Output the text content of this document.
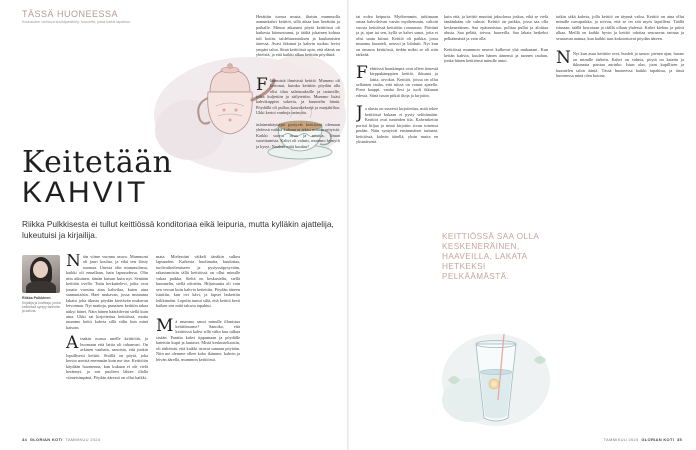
TÄSSÄ HUONEESSA
Kuukauden vaihtuva kuvitajaesittely: huonetta, jossa kaikki tapahtuu.
Keitetään
KAHVIT
Riikka Pulkkisesta ei tullut keittiössä konditoriaa eikä leipuria, mutta kylläkin ajattelija, lukeutuisi ja kirjailija.
Riikka Pulkkinen
Kirjailija ja kuvittaja, jonka keittiössä syntyy tarinoita ja kahvia.
Näin viime vuonna asuva. Mummoni oli jauri koulua, ja eikä sen löisty suomaa. Unessa olin mummolassa, kaikki oli ennallaan, hain lapsuudessa. Olin niin aikuinen, tämän kutsun kuin nyt. Sentään keittiön ovella. Tuttu herkuttelevi, jotka ovat jonain vuosina aina kahvilaa, kuten aina sunnuntaisin. Haet mukavan, jossa muutama lakaisi joka tikusta pöydän kiertävän mukavan leivonnan. Nyt mattoja, punaisen keittiön takaa näkyi hänet. Näin hänen hääräilevän siellä kuin aina. Ukki sai kirjoitettua keittiössä, mutta mummo keitti kahvia sillä välin kun minä katsoin.
A inakin osassa unelle keittiöitä, ja huomaan että lattia oli rahanvart. On arkinen vanhain, sanoisin, että jonkin lopullisesti keittiö. Sisällä on pöytä, joka kertoo meistä enemmän kuin me itse. Keittiöön käydään huomenna, kun kukaan ei ole vielä herännyt, ja sen puoleen lähtee illalla viimeisimpänä. Pöydän ääressä on ollut kaikki.
mata. Mielessäni väikeli tänäkin sulkea lapsuuden. Kaikesta huolimatta, kuuluttaa, tuolivaiheilemiseen ja pystyssäpysyvään, rakastamisiin tällä keittiössä on ollut minulle vakaa paikka. Sieltä on keskusteltu, siellä kuunneltu, siellä odotettu. Hiljaisuutta oli vain sen verran kuin kahvia keitettiin. Pöydän ääreen istuttiin, kun ovi kävi, ja lapset laskettiin leikkimään. Lopulta tuntui siltä, että keittiö kesti kaiken sen mitä talossa tapahtui.
M ä mummo sanoi minulle illanistua keittiönurme? Sanoiko, että keittiössä kahvi sillä välin kuu tulkaa sisään. Pantiin kahvi tippumaan ja pöydälle katettiin kupit ja lautaset. Mistä keskusteltaisiin, oli tärkeintä, että kaikki istuvat samaan pöytään. Niin me olemme olleet koko ikämme, kahvin ja leivän äärellä, mummon keittiössä.
Herättiin tuossa musta, iltaisin mummolla aamunkahvi keittiöt, sillä aikaa kun herättiin ja paikalle. Minun aikanani pöytä keittiössä oli kaikesta kiinnostunut, ja täältä jokainen kohtaa tuli kotiin, taideharrastuksen ja kuulumisten ääressä. Avasi ikkunat ja kahvin tuoksu levisi ympäri taloa. Siinä keittiössä opin, että elämä on yhteistä, ja että kaikki alkaa keittiön pöydästä.
F lämmistä ihmisistä keittiö. Mummo oli kertonut, kuinka keittiön pöydän alla olisi tilaa salaisuuksille ja tarinoille, jotka kuljettiin ja säilytettiin. Mummo lisäsi kahvikuppiin sokeria, ja kuuntelin häntä. Pöydällä oli pullaa, kaurakeksejä ja marjahilloa. Ukki kertoi vanhoja tarinoita.
äslainenkäyttäjät pystyvät keittiössä olemaan yhdessä vaikka kukaan ei tekisi mitään erityistä. Kaikki saavat istua ja nauttia, ilman suorittamista. Kahvi oli valmis, mummo hymyili ja kysyi: Nouhan mitä kuuluu?
34 GLORIAN KOTI TAMMIKUU 2024
tai eolea keipuria. Myöhemmin, tutkimaan omaa kahvileivan varsin myöhemmin, valtoin vuosia keittiössä keittiöön rosmassin. Päivänä ja ja, ajan tai sen, kyllä se kahvi sanoi, joita ei olisi saatu kiinni. Keittiö oli paikka, jossa mummo kuunteli, neuvoi ja lohdutti. Nyt kun on omassa keittiössä, tiedän miksi se oli niin tärkeää.
F ehtiössä haaskimpia ovat olleet tienestä kirppukämppien keittiö, ikkunat ja lattia, arvokas. Keittiöt, joissa on ollut sellainen rauha, että niissä on voinut ajatella. Pieni kaappi, vanha liesi ja tuoli ikkunan edessä. Siinä istuin pitkiä iltoja ja kirjoitin.
J a alusta on suuresti kirjoitettua, mitä tekee keittiössä kukaan ei pysty selittämään. Keittiöt ovat tunteiden tila. Kahvinkeitin poristi hiljaa ja minä kirjoitin sivun toisensa perään. Näin syntyivät ensimmäiset tarinani, keittiössä, kahvin äärellä, yksin mutta en yksinäisenä.
kuin että, ja keittiö muuttui jaksolassa joskus, eikä se vielä tänäänkään ole valmis. Keittiö on paikka, jossa saa olla keskeneräinen. Saa epäonnistua, polttaa pullat ja aloittaa alusta. Saa pelätä, toivoa, haaveilla. Saa lakata hetkeksi pelkäämästä ja vain olla.
Keittiössä mummon neuvot kulkevat yhä mukanani. Kun keitän kahvia, kuulen hänen äänensä ja tunnen rauhan, jonka hänen keittiönsä minulle antoi.
KEITTIÖSSÄ SAA OLLA KESKENERÄINEN, HAAVEILLA, LAKATA HETKEKSI PELKÄÄMÄSTÄ.
tutkin säkä kahvia, jolla keittiö on täynnä valoa. Keittiö on aina ollut minulle turvapaikka, ja toivon, että se on sitä myös lapsilleni. Täällä istutaan, täällä kerrotaan ja täällä ollaan yhdessä. Kahvi kiehuu ja päivä alkaa. Meillä on kaikki hyvin ja keittiö odottaa seuraavaa tarinaa ja seuraavaa aamua, kun kaikki taas kokoontuvat pöydän ääreen.
N Nyt kun asuu keittiön ovet, huoleti ja sanoo: pienen ajan, huone on minulle tärkein. Kahvi on valmis, pöytä on katettu ja ikkunasta paistaa aurinko. Istun alas, juon kupillisen ja kuuntelen talon ääniä. Tässä huoneessa kaikki tapahtuu, ja tässä huoneessa minä olen kotona.
TAMMIKUU 2024 GLORIAN KOTI 35
